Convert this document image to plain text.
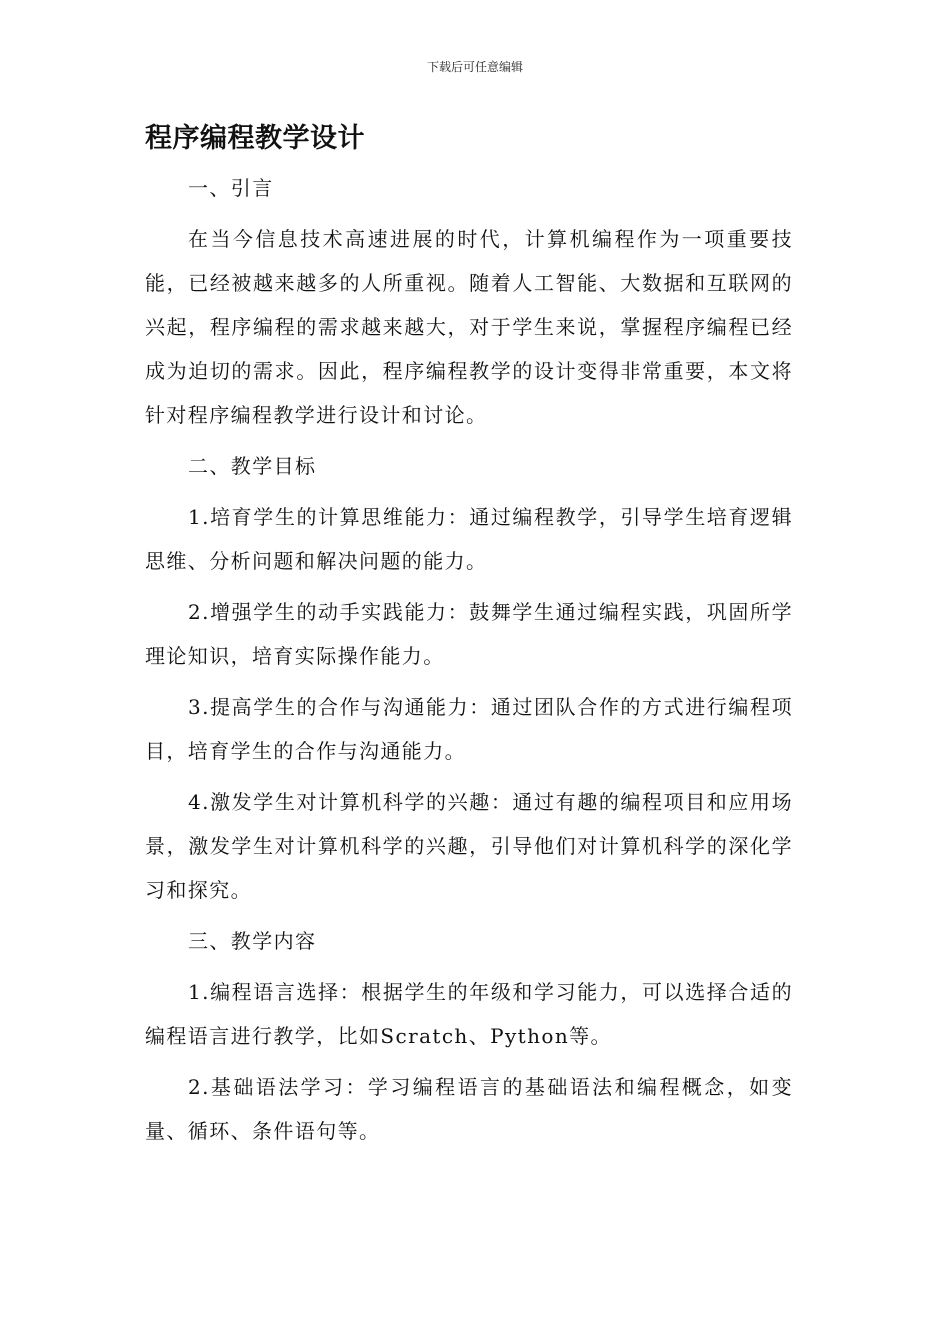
下载后可任意编辑
程序编程教学设计

一、引言

在当今信息技术高速进展的时代，计算机编程作为一项重要技能，已经被越来越多的人所重视。随着人工智能、大数据和互联网的兴起，程序编程的需求越来越大，对于学生来说，掌握程序编程已经成为迫切的需求。因此，程序编程教学的设计变得非常重要，本文将针对程序编程教学进行设计和讨论。

二、教学目标

1.培育学生的计算思维能力：通过编程教学，引导学生培育逻辑思维、分析问题和解决问题的能力。

2.增强学生的动手实践能力：鼓舞学生通过编程实践，巩固所学理论知识，培育实际操作能力。

3.提高学生的合作与沟通能力：通过团队合作的方式进行编程项目，培育学生的合作与沟通能力。

4.激发学生对计算机科学的兴趣：通过有趣的编程项目和应用场景，激发学生对计算机科学的兴趣，引导他们对计算机科学的深化学习和探究。

三、教学内容

1.编程语言选择：根据学生的年级和学习能力，可以选择合适的编程语言进行教学，比如Scratch、Python等。

2.基础语法学习：学习编程语言的基础语法和编程概念，如变量、循环、条件语句等。
